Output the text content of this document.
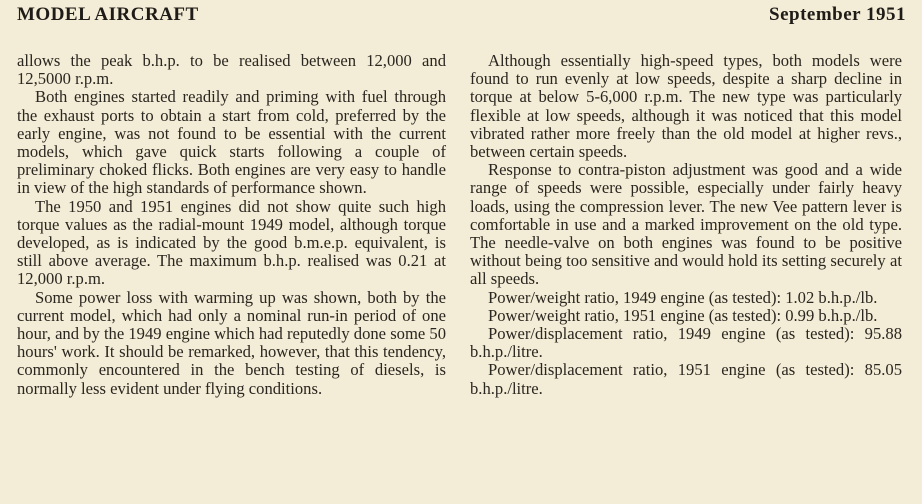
MODEL AIRCRAFT	September 1951

allows the peak b.h.p. to be realised between 12,000 and 12,5000 r.p.m.

Both engines started readily and priming with fuel through the exhaust ports to obtain a start from cold, preferred by the early engine, was not found to be essential with the current models, which gave quick starts following a couple of preliminary choked flicks. Both engines are very easy to handle in view of the high standards of performance shown.

The 1950 and 1951 engines did not show quite such high torque values as the radial-mount 1949 model, although torque developed, as is indicated by the good b.m.e.p. equivalent, is still above average. The maximum b.h.p. realised was 0.21 at 12,000 r.p.m.

Some power loss with warming up was shown, both by the current model, which had only a nominal run-in period of one hour, and by the 1949 engine which had reputedly done some 50 hours' work. It should be remarked, however, that this tendency, commonly encountered in the bench testing of diesels, is normally less evident under flying conditions.

Although essentially high-speed types, both models were found to run evenly at low speeds, despite a sharp decline in torque at below 5-6,000 r.p.m. The new type was particularly flexible at low speeds, although it was noticed that this model vibrated rather more freely than the old model at higher revs., between certain speeds.

Response to contra-piston adjustment was good and a wide range of speeds were possible, especially under fairly heavy loads, using the compression lever. The new Vee pattern lever is comfortable in use and a marked improvement on the old type. The needle-valve on both engines was found to be positive without being too sensitive and would hold its setting securely at all speeds.

Power/weight ratio, 1949 engine (as tested): 1.02 b.h.p./lb.

Power/weight ratio, 1951 engine (as tested): 0.99 b.h.p./lb.

Power/displacement ratio, 1949 engine (as tested): 95.88 b.h.p./litre.

Power/displacement ratio, 1951 engine (as tested): 85.05 b.h.p./litre.
